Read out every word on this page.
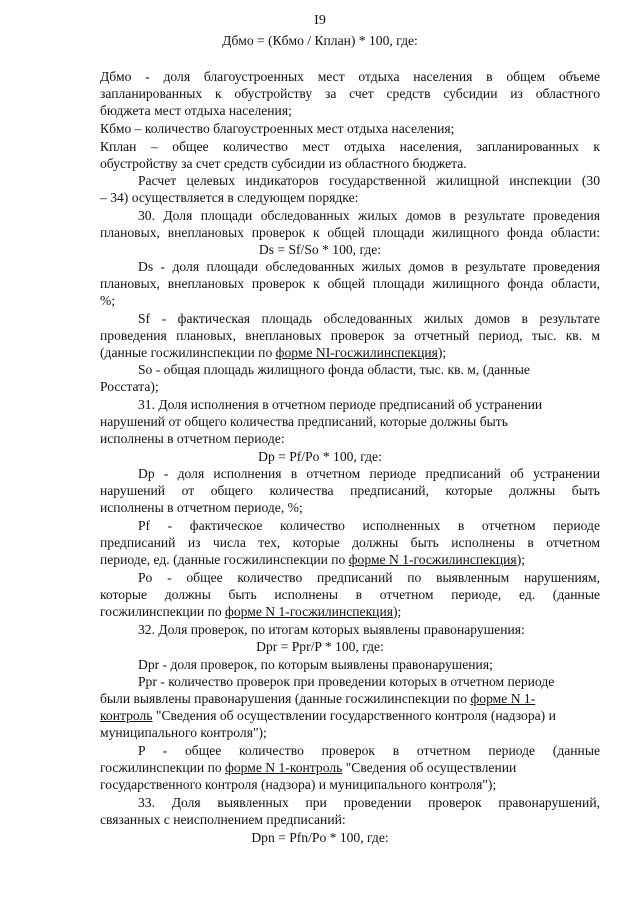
I9
Дбмо = (Кбмо / Кплан) * 100, где:
Дбмо - доля благоустроенных мест отдыха населения в общем объеме
запланированных к обустройству за счет средств субсидии из областного
бюджета мест отдыха населения;
Кбмо – количество благоустроенных мест отдыха населения;
Кплан – общее количество мест отдыха населения, запланированных к
обустройству за счет средств субсидии из областного бюджета.
Расчет целевых индикаторов государственной жилищной инспекции (30
– 34) осуществляется в следующем порядке:
30. Доля площади обследованных жилых домов в результате проведения
плановых, внеплановых проверок к общей площади жилищного фонда области:
Ds = Sf/So * 100, где:
Ds - доля площади обследованных жилых домов в результате проведения
плановых, внеплановых проверок к общей площади жилищного фонда области,
%;
Sf - фактическая площадь обследованных жилых домов в результате
проведения плановых, внеплановых проверок за отчетный период, тыс. кв. м
(данные госжилинспекции по форме NI-госжилинспекция);
So - общая площадь жилищного фонда области, тыс. кв. м, (данные
Росстата);
31. Доля исполнения в отчетном периоде предписаний об устранении
нарушений от общего количества предписаний, которые должны быть
исполнены в отчетном периоде:
Dp = Pf/Po * 100, где:
Dp - доля исполнения в отчетном периоде предписаний об устранении
нарушений от общего количества предписаний, которые должны быть
исполнены в отчетном периоде, %;
Pf - фактическое количество исполненных в отчетном периоде
предписаний из числа тех, которые должны быть исполнены в отчетном
периоде, ед. (данные госжилинспекции по форме N 1-госжилинспекция);
Po - общее количество предписаний по выявленным нарушениям,
которые должны быть исполнены в отчетном периоде, ед. (данные
госжилинспекции по форме N 1-госжилинспекция);
32. Доля проверок, по итогам которых выявлены правонарушения:
Dpr = Ppr/P * 100, где:
Dpr - доля проверок, по которым выявлены правонарушения;
Ppr - количество проверок при проведении которых в отчетном периоде
были выявлены правонарушения (данные госжилинспекции по форме N 1-
контроль "Сведения об осуществлении государственного контроля (надзора) и
муниципального контроля");
P - общее количество проверок в отчетном периоде (данные
госжилинспекции по форме N 1-контроль "Сведения об осуществлении
государственного контроля (надзора) и муниципального контроля");
33. Доля выявленных при проведении проверок правонарушений,
связанных с неисполнением предписаний:
Dpn = Pfn/Po * 100, где:
